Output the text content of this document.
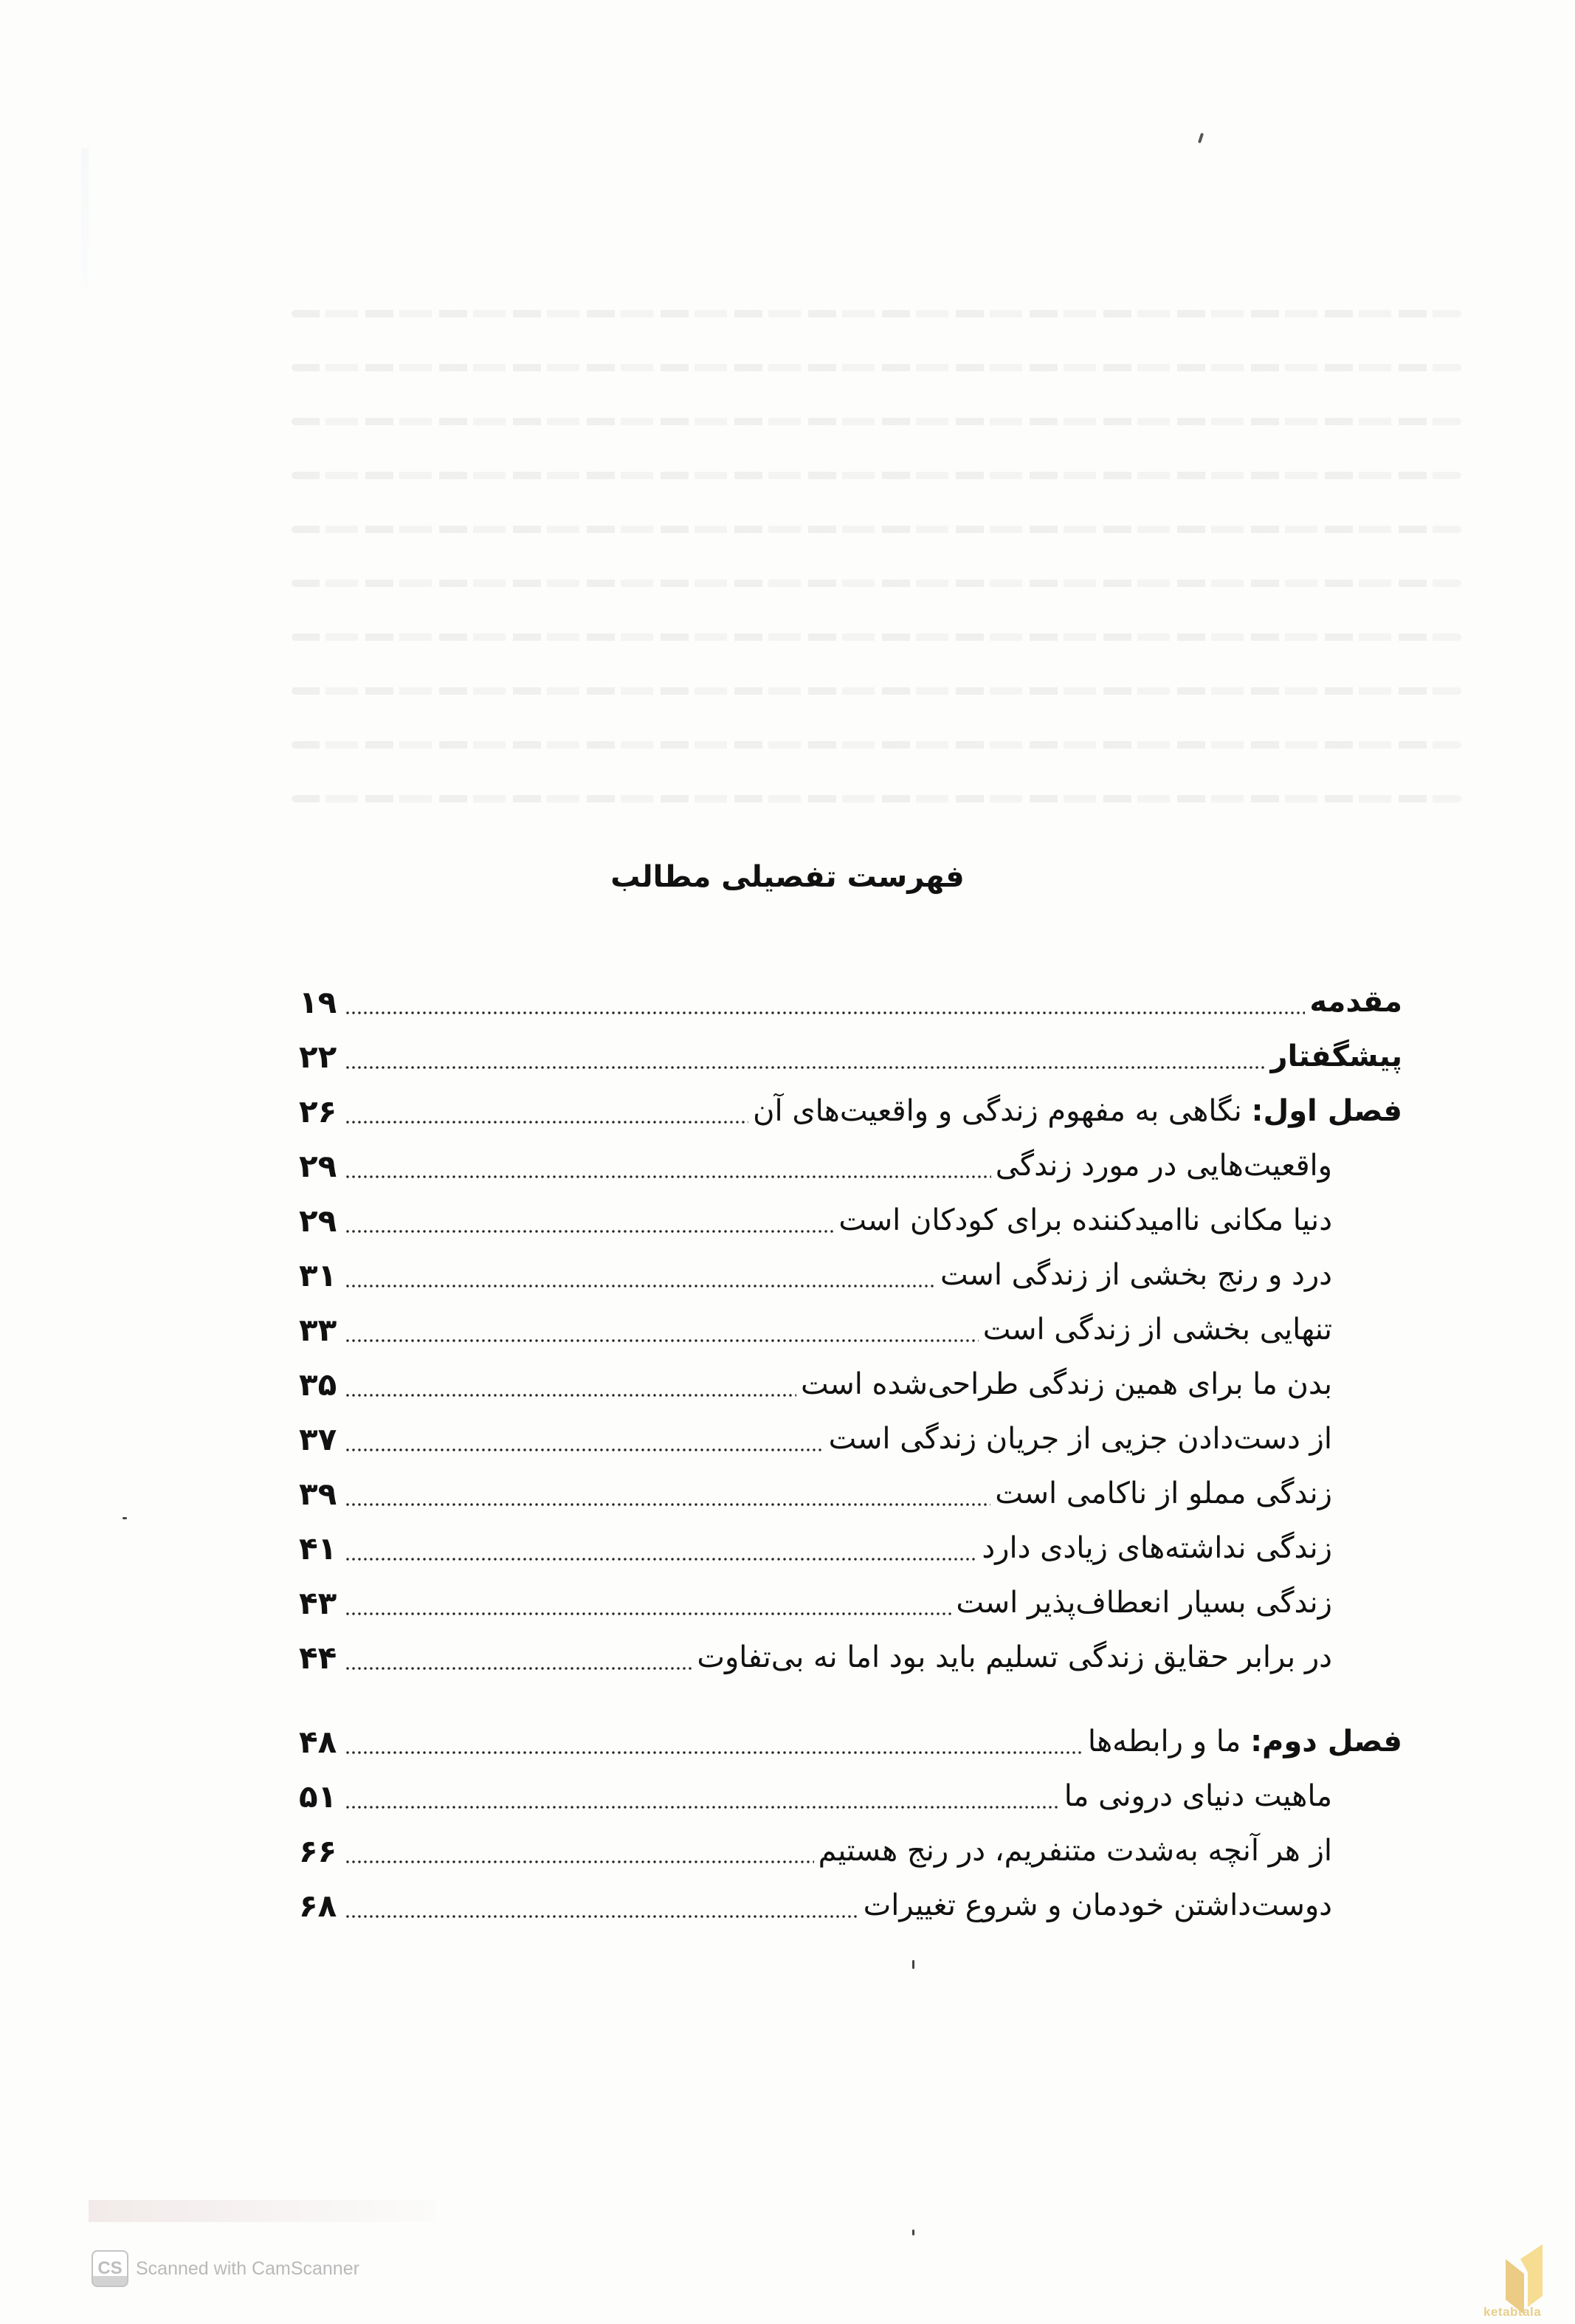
فهرست تفصیلی مطالب
مقدمه
۱۹
پیشگفتار
۲۲
فصل اول: نگاهی به مفهوم زندگی و واقعیت‌های آن
۲۶
واقعیت‌هایی در مورد زندگی
۲۹
دنیا مکانی ناامیدکننده برای کودکان است
۲۹
درد و رنج بخشی از زندگی است
۳۱
تنهایی بخشی از زندگی است
۳۳
بدن ما برای همین زندگی طراحی‌شده است
۳۵
از دست‌دادن جزیی از جریان زندگی است
۳۷
زندگی مملو از ناکامی است
۳۹
زندگی نداشته‌های زیادی دارد
۴۱
زندگی بسیار انعطاف‌پذیر است
۴۳
در برابر حقایق زندگی تسلیم باید بود اما نه بی‌تفاوت
۴۴
فصل دوم: ما و رابطه‌ها
۴۸
ماهیت دنیای درونی ما
۵۱
از هر آنچه به‌شدت متنفریم، در رنج هستیم
۶۶
دوست‌داشتن خودمان و شروع تغییرات
۶۸
CS Scanned with CamScanner
ketabtala
